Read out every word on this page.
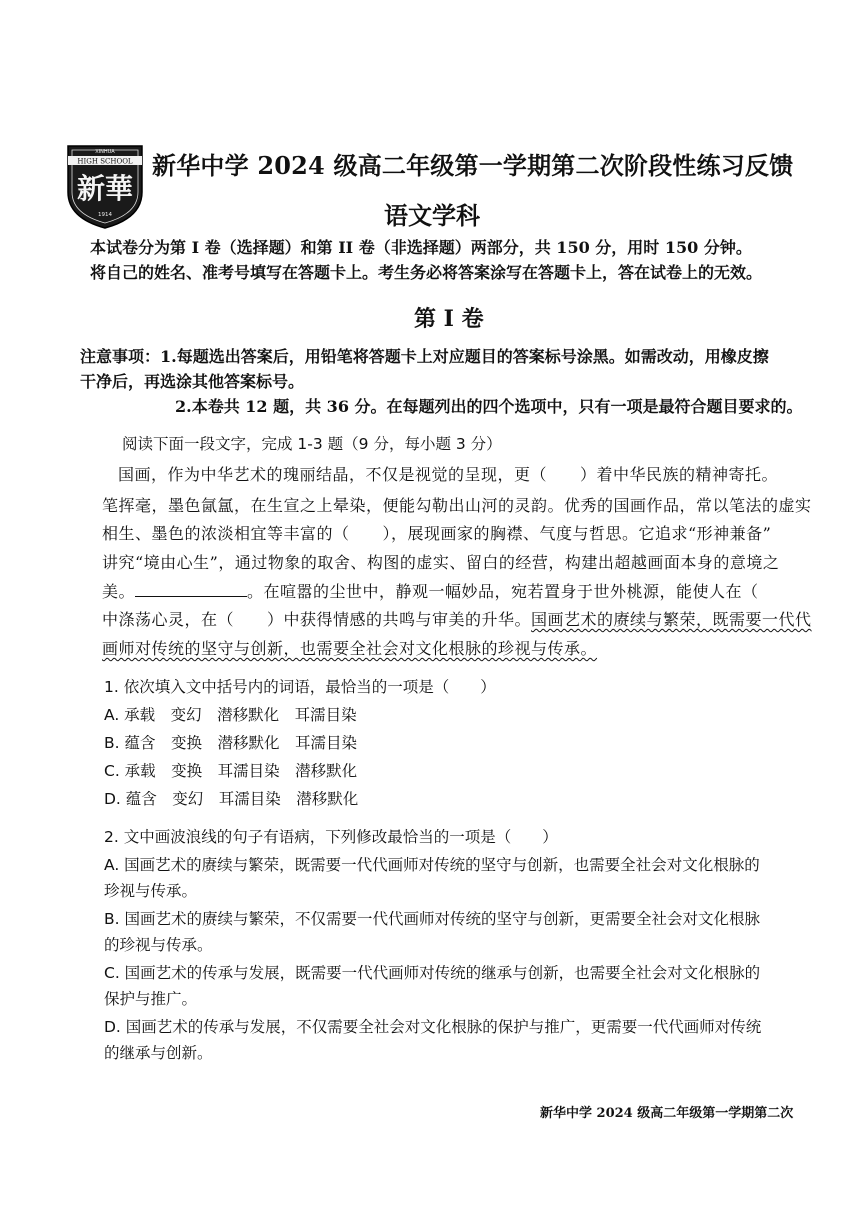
HIGH SCHOOL
XINHUA
新華
1914
新华中学 2024 级高二年级第一学期第二次阶段性练习反馈
语文学科
本试卷分为第 I 卷（选择题）和第 II 卷（非选择题）两部分，共 150 分，用时 150 分钟。
将自己的姓名、准考号填写在答题卡上。考生务必将答案涂写在答题卡上，答在试卷上的无效。
第 I 卷
注意事项：1.每题选出答案后，用铅笔将答题卡上对应题目的答案标号涂黑。如需改动，用橡皮擦
干净后，再选涂其他答案标号。
2.本卷共 12 题，共 36 分。在每题列出的四个选项中，只有一项是最符合题目要求的。
阅读下面一段文字，完成 1-3 题（9 分，每小题 3 分）
国画，作为中华艺术的瑰丽结晶，不仅是视觉的呈现，更（　　）着中华民族的精神寄托。
笔挥毫，墨色氤氲，在生宣之上晕染，便能勾勒出山河的灵韵。优秀的国画作品，常以笔法的虚实
相生、墨色的浓淡相宜等丰富的（　　），展现画家的胸襟、气度与哲思。它追求“形神兼备”
讲究“境由心生”，通过物象的取舍、构图的虚实、留白的经营，构建出超越画面本身的意境之
美。	。在喧嚣的尘世中，静观一幅妙品，宛若置身于世外桃源，能使人在（
中涤荡心灵，在（　　）中获得情感的共鸣与审美的升华。国画艺术的赓续与繁荣，既需要一代代
画师对传统的坚守与创新，也需要全社会对文化根脉的珍视与传承。
1. 依次填入文中括号内的词语，最恰当的一项是（　　）
A. 承载　变幻　潜移默化　耳濡目染
B. 蕴含　变换　潜移默化　耳濡目染
C. 承载　变换　耳濡目染　潜移默化
D. 蕴含　变幻　耳濡目染　潜移默化
2. 文中画波浪线的句子有语病，下列修改最恰当的一项是（　　）
A. 国画艺术的赓续与繁荣，既需要一代代画师对传统的坚守与创新，也需要全社会对文化根脉的
珍视与传承。
B. 国画艺术的赓续与繁荣，不仅需要一代代画师对传统的坚守与创新，更需要全社会对文化根脉
的珍视与传承。
C. 国画艺术的传承与发展，既需要一代代画师对传统的继承与创新，也需要全社会对文化根脉的
保护与推广。
D. 国画艺术的传承与发展，不仅需要全社会对文化根脉的保护与推广，更需要一代代画师对传统
的继承与创新。
新华中学 2024 级高二年级第一学期第二次
